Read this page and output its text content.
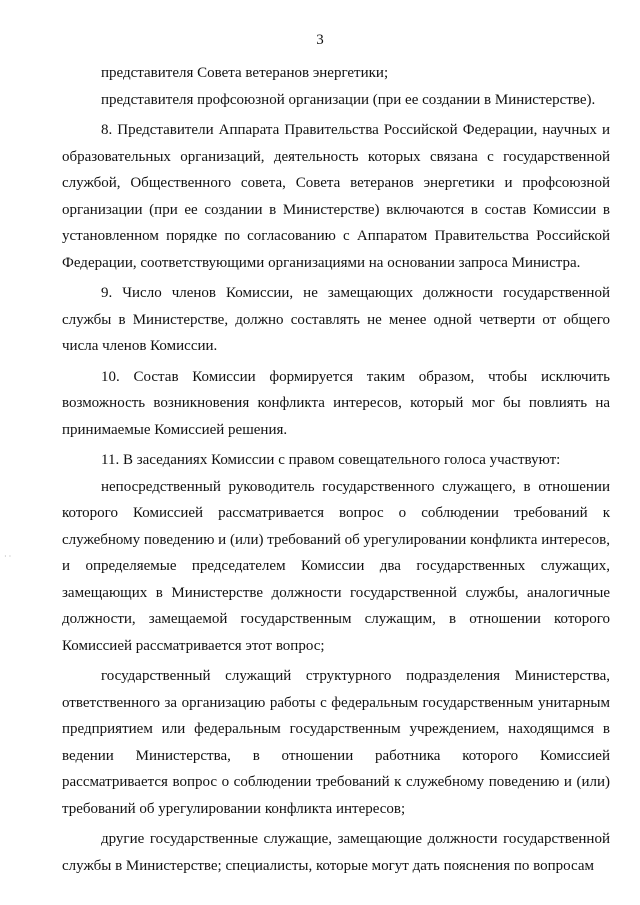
3
· ·

представителя Совета ветеранов энергетики;

представителя профсоюзной организации (при ее создании в Министерстве).

8. Представители Аппарата Правительства Российской Федерации, научных и образовательных организаций, деятельность которых связана с государственной службой, Общественного совета, Совета ветеранов энергетики и профсоюзной организации (при ее создании в Министерстве) включаются в состав Комиссии в установленном порядке по согласованию с Аппаратом Правительства Российской Федерации, соответствующими организациями на основании запроса Министра.

9. Число членов Комиссии, не замещающих должности государственной службы в Министерстве, должно составлять не менее одной четверти от общего числа членов Комиссии.

10. Состав Комиссии формируется таким образом, чтобы исключить возможность возникновения конфликта интересов, который мог бы повлиять на принимаемые Комиссией решения.

11. В заседаниях Комиссии с правом совещательного голоса участвуют:

непосредственный руководитель государственного служащего, в отношении которого Комиссией рассматривается вопрос о соблюдении требований к служебному поведению и (или) требований об урегулировании конфликта интересов, и определяемые председателем Комиссии два государственных служащих, замещающих в Министерстве должности государственной службы, аналогичные должности, замещаемой государственным служащим, в отношении которого Комиссией рассматривается этот вопрос;

государственный служащий структурного подразделения Министерства, ответственного за организацию работы с федеральным государственным унитарным предприятием или федеральным государственным учреждением, находящимся в ведении Министерства, в отношении работника которого Комиссией рассматривается вопрос о соблюдении требований к служебному поведению и (или) требований об урегулировании конфликта интересов;

другие государственные служащие, замещающие должности государственной службы в Министерстве; специалисты, которые могут дать пояснения по вопросам
